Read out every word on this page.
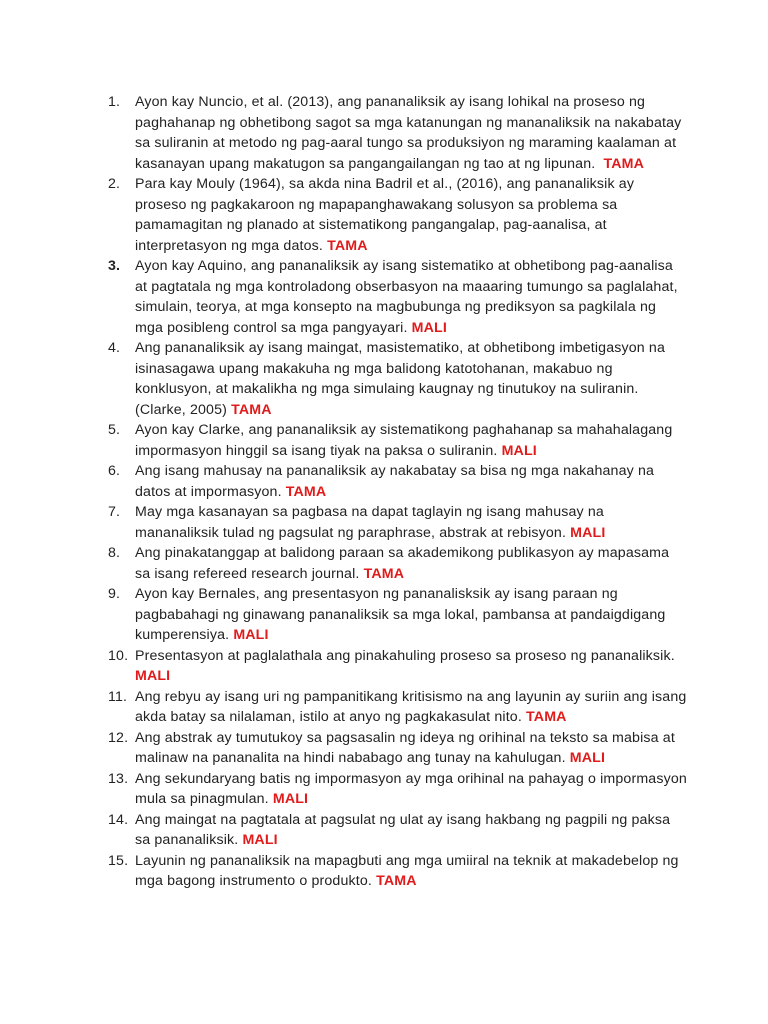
1. Ayon kay Nuncio, et al. (2013), ang pananaliksik ay isang lohikal na proseso ng paghahanap ng obhetibong sagot sa mga katanungan ng mananaliksik na nakabatay sa suliranin at metodo ng pag-aaral tungo sa produksiyon ng maraming kaalaman at kasanayan upang makatugon sa pangangailangan ng tao at ng lipunan. TAMA
2. Para kay Mouly (1964), sa akda nina Badril et al., (2016), ang pananaliksik ay proseso ng pagkakaroon ng mapapanghawakang solusyon sa problema sa pamamagitan ng planado at sistematikong pangangalap, pag-aanalisa, at interpretasyon ng mga datos. TAMA
3. Ayon kay Aquino, ang pananaliksik ay isang sistematiko at obhetibong pag-aanalisa at pagtatala ng mga kontroladong obserbasyon na maaaring tumungo sa paglalahat, simulain, teorya, at mga konsepto na magbubunga ng prediksyon sa pagkilala ng mga posibleng control sa mga pangyayari. MALI
4. Ang pananaliksik ay isang maingat, masistematiko, at obhetibong imbetigasyon na isinasagawa upang makakuha ng mga balidong katotohanan, makabuo ng konklusyon, at makalikha ng mga simulaing kaugnay ng tinutukoy na suliranin. (Clarke, 2005) TAMA
5. Ayon kay Clarke, ang pananaliksik ay sistematikong paghahanap sa mahahalagang impormasyon hinggil sa isang tiyak na paksa o suliranin. MALI
6. Ang isang mahusay na pananaliksik ay nakabatay sa bisa ng mga nakahanay na datos at impormasyon. TAMA
7. May mga kasanayan sa pagbasa na dapat taglayin ng isang mahusay na mananaliksik tulad ng pagsulat ng paraphrase, abstrak at rebisyon. MALI
8. Ang pinakatanggap at balidong paraan sa akademikong publikasyon ay mapasama sa isang refereed research journal. TAMA
9. Ayon kay Bernales, ang presentasyon ng pananalisksik ay isang paraan ng pagbabahagi ng ginawang pananaliksik sa mga lokal, pambansa at pandaigdigang kumperensiya. MALI
10. Presentasyon at paglalathala ang pinakahuling proseso sa proseso ng pananaliksik. MALI
11. Ang rebyu ay isang uri ng pampanitikang kritisismo na ang layunin ay suriin ang isang akda batay sa nilalaman, istilo at anyo ng pagkakasulat nito. TAMA
12. Ang abstrak ay tumutukoy sa pagsasalin ng ideya ng orihinal na teksto sa mabisa at malinaw na pananalita na hindi nababago ang tunay na kahulugan. MALI
13. Ang sekundaryang batis ng impormasyon ay mga orihinal na pahayag o impormasyon mula sa pinagmulan. MALI
14. Ang maingat na pagtatala at pagsulat ng ulat ay isang hakbang ng pagpili ng paksa sa pananaliksik. MALI
15. Layunin ng pananaliksik na mapagbuti ang mga umiiral na teknik at makadebelop ng mga bagong instrumento o produkto. TAMA
